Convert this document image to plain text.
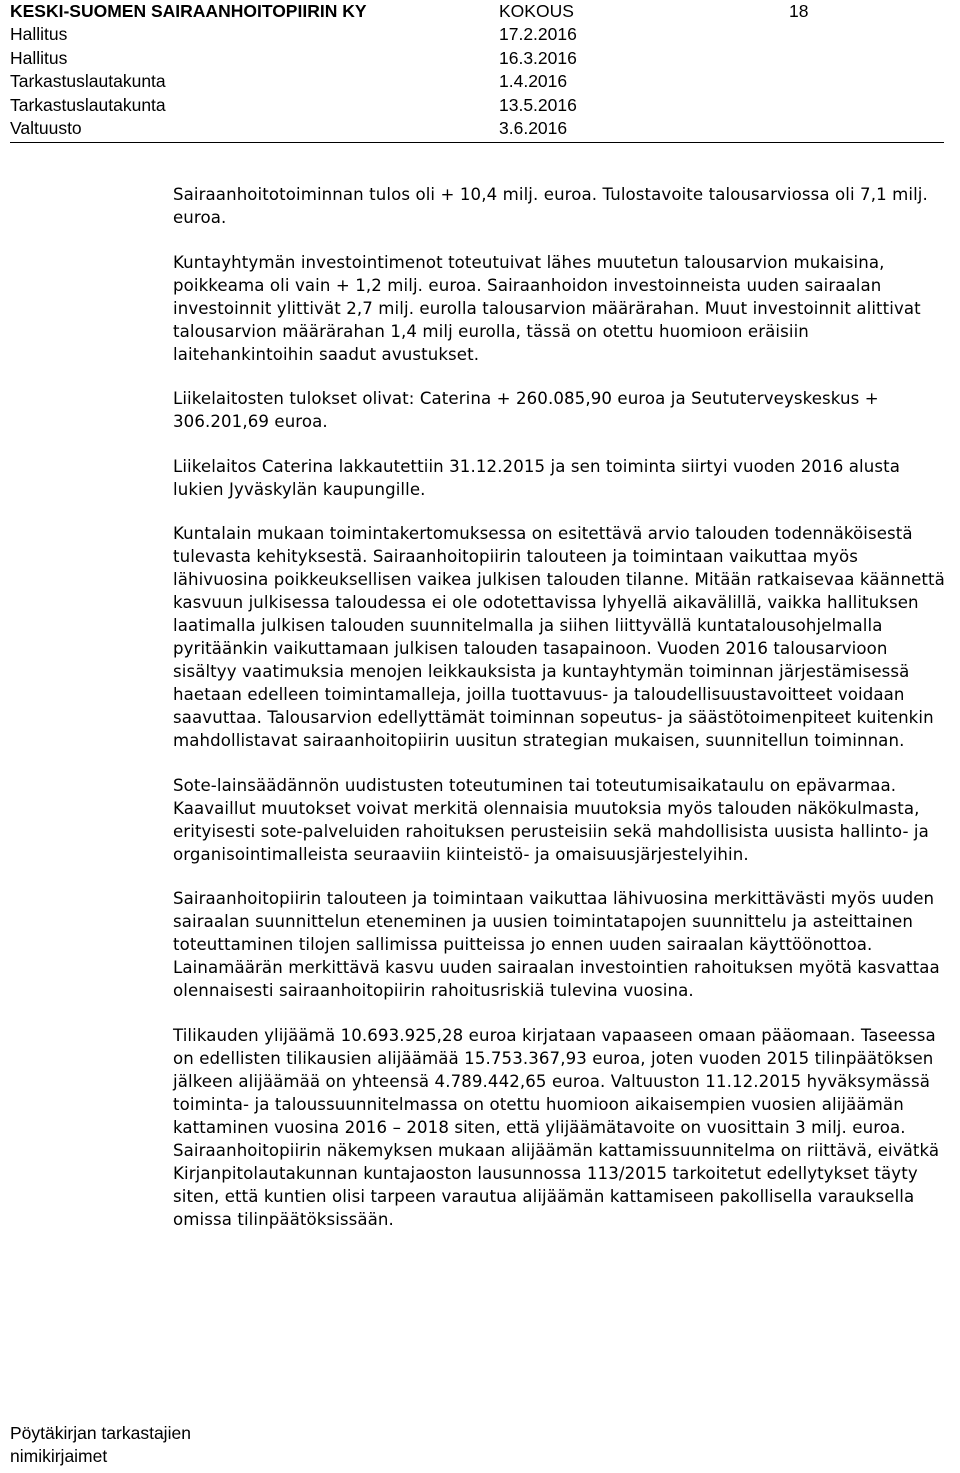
KESKI-SUOMEN SAIRAANHOITOPIIRIN KY	KOKOUS	18
Hallitus	17.2.2016
Hallitus	16.3.2016
Tarkastuslautakunta	1.4.2016
Tarkastuslautakunta	13.5.2016
Valtuusto	3.6.2016

Sairaanhoitotoiminnan tulos oli + 10,4 milj. euroa. Tulostavoite talousarviossa oli 7,1 milj. euroa.

Kuntayhtymän investointimenot toteutuivat lähes muutetun talousarvion mukaisina, poikkeama oli vain + 1,2 milj. euroa. Sairaanhoidon investoinneista uuden sairaalan investoinnit ylittivät 2,7 milj. eurolla talousarvion määrärahan. Muut investoinnit alittivat talousarvion määrärahan 1,4 milj eurolla, tässä on otettu huomioon eräisiin laitehankintoihin saadut avustukset.

Liikelaitosten tulokset olivat: Caterina + 260.085,90 euroa ja Seututerveyskeskus + 306.201,69 euroa.

Liikelaitos Caterina lakkautettiin 31.12.2015 ja sen toiminta siirtyi vuoden 2016 alusta lukien Jyväskylän kaupungille.

Kuntalain mukaan toimintakertomuksessa on esitettävä arvio talouden todennäköisestä tulevasta kehityksestä. Sairaanhoitopiirin talouteen ja toimintaan vaikuttaa myös lähivuosina poikkeuksellisen vaikea julkisen talouden tilanne. Mitään ratkaisevaa käännettä kasvuun julkisessa taloudessa ei ole odotettavissa lyhyellä aikavälillä, vaikka hallituksen laatimalla julkisen talouden suunnitelmalla ja siihen liittyvällä kuntatalousohjelmalla pyritäänkin vaikuttamaan julkisen talouden tasapainoon. Vuoden 2016 talousarvioon sisältyy vaatimuksia menojen leikkauksista ja kuntayhtymän toiminnan järjestämisessä haetaan edelleen toimintamalleja, joilla tuottavuus- ja taloudellisuustavoitteet voidaan saavuttaa. Talousarvion edellyttämät toiminnan sopeutus- ja säästötoimenpiteet kuitenkin mahdollistavat sairaanhoitopiirin uusitun strategian mukaisen, suunnitellun toiminnan.

Sote-lainsäädännön uudistusten toteutuminen tai toteutumisaikataulu on epävarmaa. Kaavaillut muutokset voivat merkitä olennaisia muutoksia myös talouden näkökulmasta, erityisesti sote-palveluiden rahoituksen perusteisiin sekä mahdollisista uusista hallinto- ja organisointimalleista seuraaviin kiinteistö- ja omaisuusjärjestelyihin.

Sairaanhoitopiirin talouteen ja toimintaan vaikuttaa lähivuosina merkittävästi myös uuden sairaalan suunnittelun eteneminen ja uusien toimintatapojen suunnittelu ja asteittainen toteuttaminen tilojen sallimissa puitteissa jo ennen uuden sairaalan käyttöönottoa. Lainamäärän merkittävä kasvu uuden sairaalan investointien rahoituksen myötä kasvattaa olennaisesti sairaanhoitopiirin rahoitusriskiä tulevina vuosina.

Tilikauden ylijäämä 10.693.925,28 euroa kirjataan vapaaseen omaan pääomaan. Taseessa on edellisten tilikausien alijäämää 15.753.367,93 euroa, joten vuoden 2015 tilinpäätöksen jälkeen alijäämää on yhteensä 4.789.442,65 euroa. Valtuuston 11.12.2015 hyväksymässä toiminta- ja taloussuunnitelmassa on otettu huomioon aikaisempien vuosien alijäämän kattaminen vuosina 2016 – 2018 siten, että ylijäämätavoite on vuosittain 3 milj. euroa. Sairaanhoitopiirin näkemyksen mukaan alijäämän kattamissuunnitelma on riittävä, eivätkä Kirjanpitolautakunnan kuntajaoston lausunnossa 113/2015 tarkoitetut edellytykset täyty siten, että kuntien olisi tarpeen varautua alijäämän kattamiseen pakollisella varauksella omissa tilinpäätöksissään.

Pöytäkirjan tarkastajien
nimikirjaimet
